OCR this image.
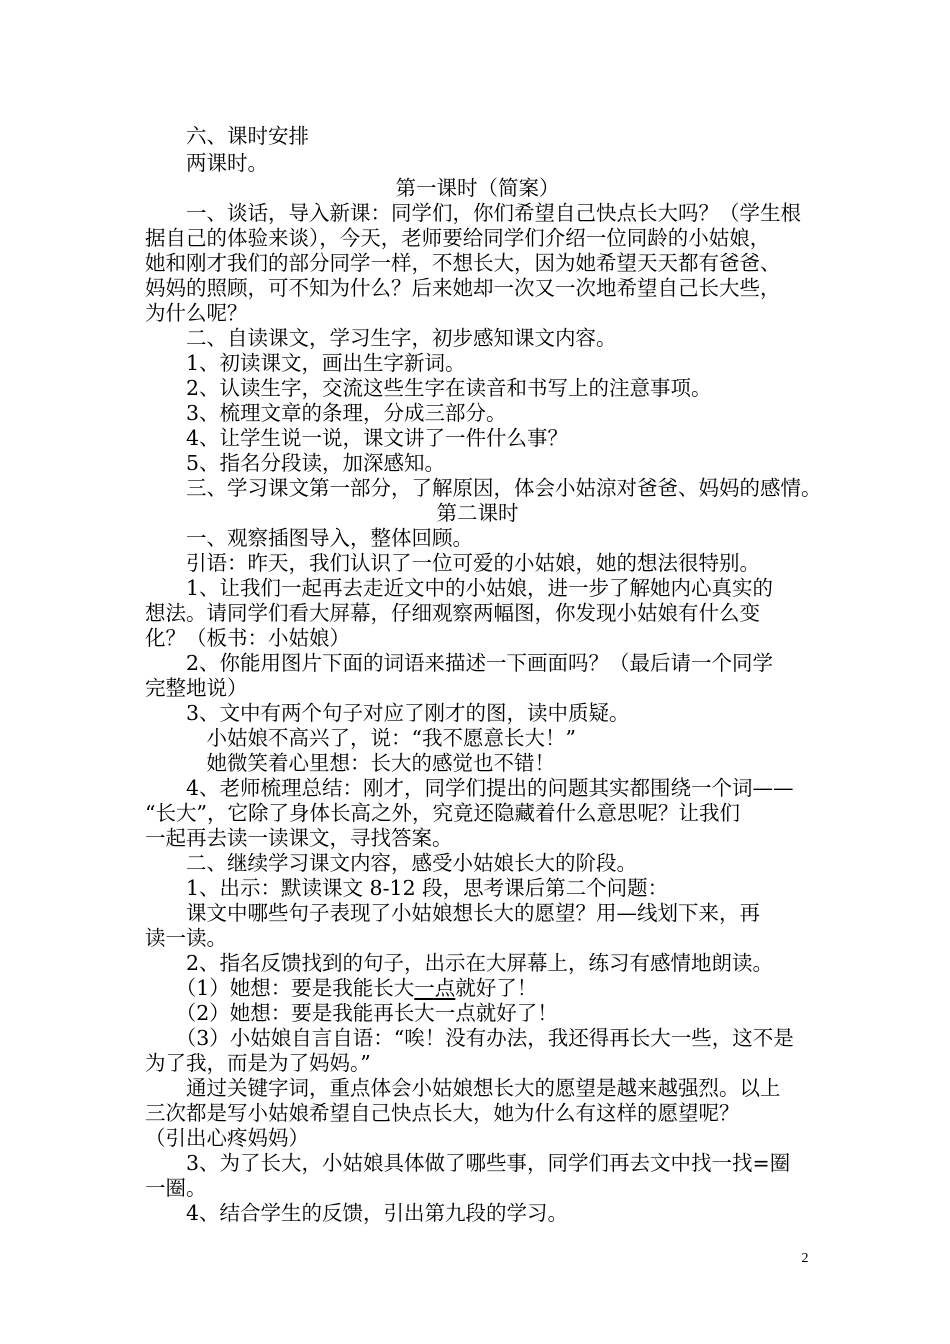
　　六、课时安排
　　两课时。
第一课时（简案）
　　一、谈话，导入新课：同学们，你们希望自己快点长大吗？（学生根
据自己的体验来谈），今天，老师要给同学们介绍一位同龄的小姑娘，
她和刚才我们的部分同学一样，不想长大，因为她希望天天都有爸爸、
妈妈的照顾，可不知为什么？后来她却一次又一次地希望自己长大些，
为什么呢？
　　二、自读课文，学习生字，初步感知课文内容。
　　1、初读课文，画出生字新词。
　　2、认读生字，交流这些生字在读音和书写上的注意事项。
　　3、梳理文章的条理，分成三部分。
　　4、让学生说一说，课文讲了一件什么事？
　　5、指名分段读，加深感知。
　　三、学习课文第一部分，了解原因，体会小姑涼对爸爸、妈妈的感情。
第二课时
　　一、观察插图导入，整体回顾。
　　引语：昨天，我们认识了一位可爱的小姑娘，她的想法很特别。
　　1、让我们一起再去走近文中的小姑娘，进一步了解她内心真实的
想法。请同学们看大屏幕，仔细观察两幅图，你发现小姑娘有什么变
化？（板书：小姑娘）
　　2、你能用图片下面的词语来描述一下画面吗？（最后请一个同学
完整地说）
　　3、文中有两个句子对应了刚才的图，读中质疑。
　　　小姑娘不高兴了，说：“我不愿意长大！”
　　　她微笑着心里想：长大的感觉也不错！
　　4、老师梳理总结：刚才，同学们提出的问题其实都围绕一个词——
“长大”，它除了身体长高之外，究竟还隐藏着什么意思呢？让我们
一起再去读一读课文，寻找答案。
　　二、继续学习课文内容，感受小姑娘长大的阶段。
　　1、出示：默读课文 8-12 段，思考课后第二个问题：
　　课文中哪些句子表现了小姑娘想长大的愿望？用—线划下来，再
读一读。
　　2、指名反馈找到的句子，出示在大屏幕上，练习有感情地朗读。
　　（1）她想：要是我能长大一点就好了！
　　（2）她想：要是我能再长大一点就好了！
　　（3）小姑娘自言自语：“唉！没有办法，我还得再长大一些，这不是
为了我，而是为了妈妈。”
　　通过关键字词，重点体会小姑娘想长大的愿望是越来越强烈。以上
三次都是写小姑娘希望自己快点长大，她为什么有这样的愿望呢？
（引出心疼妈妈）
　　3、为了长大，小姑娘具体做了哪些事，同学们再去文中找一找=圈
一圈。
　　4、结合学生的反馈，引出第九段的学习。
2
